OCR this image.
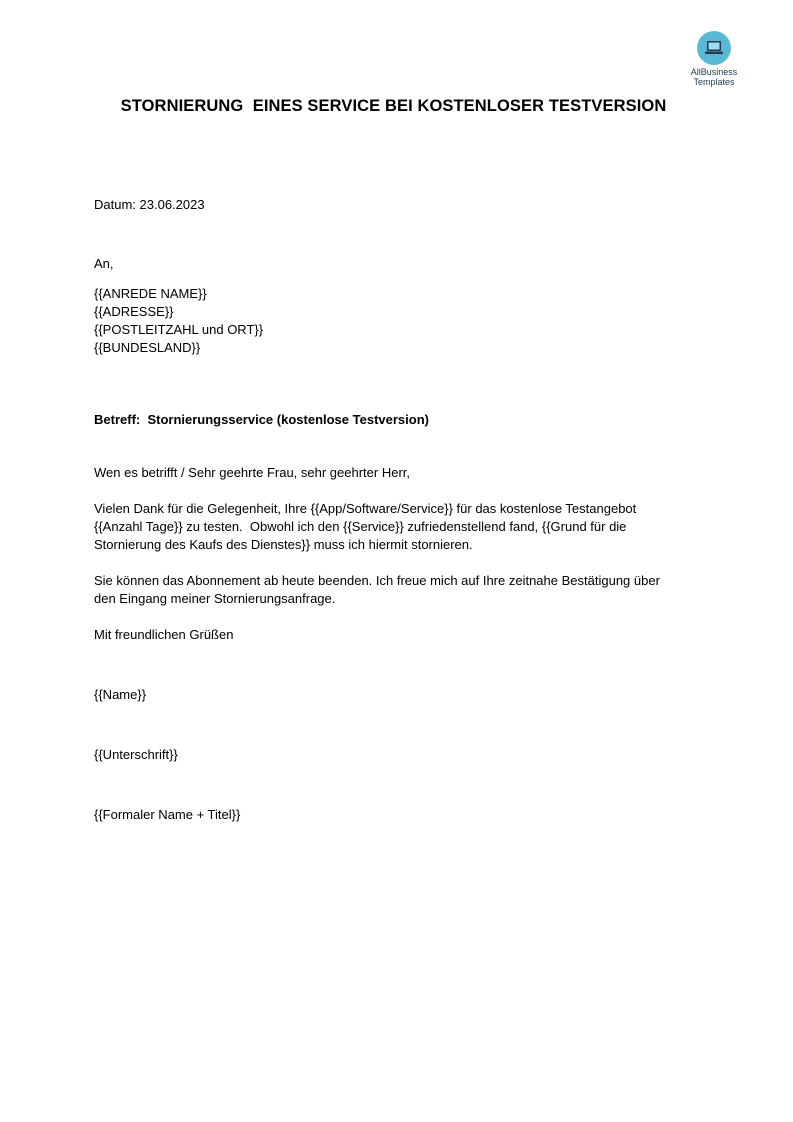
AllBusiness
Templates
STORNIERUNG  EINES SERVICE BEI KOSTENLOSER TESTVERSION
Datum: 23.06.2023
An,
{{ANREDE NAME}}
{{ADRESSE}}
{{POSTLEITZAHL und ORT}}
{{BUNDESLAND}}
Betreff:  Stornierungsservice (kostenlose Testversion)
Wen es betrifft / Sehr geehrte Frau, sehr geehrter Herr,
Vielen Dank für die Gelegenheit, Ihre {{App/Software/Service}} für das kostenlose Testangebot
{{Anzahl Tage}} zu testen.  Obwohl ich den {{Service}} zufriedenstellend fand, {{Grund für die
Stornierung des Kaufs des Dienstes}} muss ich hiermit stornieren.
Sie können das Abonnement ab heute beenden. Ich freue mich auf Ihre zeitnahe Bestätigung über
den Eingang meiner Stornierungsanfrage.
Mit freundlichen Grüßen
{{Name}}
{{Unterschrift}}
{{Formaler Name + Titel}}
